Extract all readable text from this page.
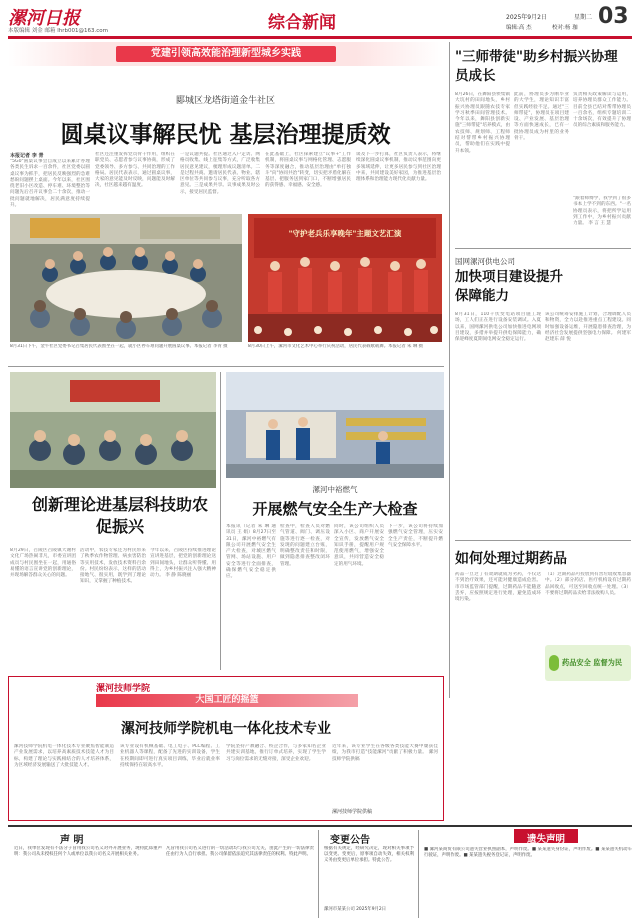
漯河日报
本版编辑 刘金 邮箱 lhrb001@163.com	综合新闻	2025年9月2日	星期二
编辑:高 杰	校对:杨 珈 03
党建引领高效能治理新型城乡实践
郾城区龙塔街道金牛社区
圆桌议事解民忧 基层治理提质效
本报记者 李 青
"5G0"圆桌议事会自成立以来累计办理各类民生诉求一百余件，社区党委以圆桌议事为抓手，把居民反映强烈的急难愁盼问题摆上桌面。今年以来，社区围绕老旧小区改造、停车难、环境整治等问题先后召开议事会二十余次，推动一批问题就地解决，居民满意度持续提升。
社区还注重发挥党员骨干作用，组织在职党员、志愿者参与议事协商，形成了党委领导、多方参与、共同治理的工作格局。居民代表表示，通过圆桌议事，大家的意见能及时反映，问题能及时解决，社区越来越有温度。
一是议题共提。社区通过入户走访、网格员收集、线上征集等方式，广泛收集居民意见建议，梳理形成议题清单。二是过程共商。邀请居民代表、物业、辖区单位等共同参与议事，充分听取各方意见。三是成果共享。议事成果及时公示，接受居民监督。
在此基础上，社区探索建立"议事+"工作机制，将圆桌议事与网格化管理、志愿服务等深度融合，推动基层治理由"单打独斗"向"协同共治"转变，切实把矛盾化解在基层、把服务送到家门口，不断增强居民的获得感、幸福感、安全感。
谈及下一步打算，社区负责人表示，将继续深化圆桌议事机制，推动议事范围向更多领域延伸，让更多居民参与到社区治理中来，共同建设美好家园，为推进基层治理体系和治理能力现代化贡献力量。
8月31日下午，金牛社区党委书记召集居民代表围坐在一起，就小区停车难问题开展圆桌议事。本报记者 李青 摄
"守护老兵乐享晚年"主题文艺汇演
8月30日上午，漯河市文化艺术中心举行庆祝活动，居民代表载歌载舞。本报记者 朱 琳 摄
"三师带徒"助乡村振兴协理员成长
8月26日，在舞阳县侯集镇大坑村的田间地头，乡村振兴协理员跟随农技专家学习秋季田间管理技术。今年以来，舞阳县创新实施"三师带徒"培养模式，由农技师、规划师、工程师结对帮带乡村振兴协理员，帮助他们在实践中提升本领。
此前，协理员多为刚毕业的大学生，理论知识丰富但实践经验不足。通过"三师带徒"，协理员在项目建设、产业发展、基层治理等方面快速成长，已有一批协理员成为村里的业务骨干。
负责相关政策解读与运用，培养协理员群众工作能力。目前全县已结对帮带协理员一百余名，组织专题培训二十余场次，有效提升了协理员的综合素质和服务能力。
"跟着师傅学，我学到了很多书本上学不到的东西。"一名协理员表示，将把所学运用到工作中，为乡村振兴贡献力量。 李 言 王 慧
国网漯河供电公司
加快项目建设提升保障能力
8月31日，110千伏变电站项目施工现场，工人们正在进行设备安装调试。入夏以来，国网漯河供电公司加快推进电网项目建设，多措并举提升供电保障能力，确保迎峰度夏期间电网安全稳定运行。
该公司统筹安排施工计划，合理调配人员和物资，全力以赴推进重点工程建设。同时加强设备运维，开展隐患排查治理，为经济社会发展提供坚强电力保障。 何建军 赵建东 薛 悦
如何处理过期药品
药品一旦过了有效期就成为劣药，不仅达不到治疗效果，还可能对健康造成危害。市市场监管部门提醒，过期药品不能随意丢弃，应按照规定进行处理，避免造成环境污染。
（1）过期药品可投放到有害垃圾收集容器中。（2）部分药店、医疗机构设有过期药品回收点，可送至回收点统一处理。（3）不要将过期药品卖给非法收购人员。
药品安全 监督为民
创新理论进基层科技助农促振兴
8月29日，召陵区召陵镇大谢村文化广场热闹非凡，市委宣讲团成员与村民围坐在一起，用通俗易懂的语言宣讲党的创新理论，并现场解答群众关心的问题。
活动中，农技专家还为村民带来了秋季农作物管理、病虫害防治等实用技术，发放技术资料百余份。村民纷纷表示，这样的活动接地气、很实用，既学到了理论知识，又掌握了种植技术。
今年以来，召陵区持续推进理论宣讲进基层，把党的创新理论送到田间地头，让群众听得懂、用得上，为乡村振兴注入强大精神动力。 李 静 陈晓丽
漯河中裕燃气
开展燃气安全生产大检查
本报讯（记者 朱 琳 通讯员 王 娟）8月27日至31日，漯河中裕燃气有限公司开展燃气安全生产大检查，对城区燃气管网、场站设施、用户安全等进行全面排查，确保燃气安全稳定供应。
检查中，检查人员对燃气管道、阀门、调压设施等进行逐一检查，对发现的问题建立台账，明确整改责任和时限，做到隐患排查整改闭环管理。
同时，该公司组织人员深入小区、商户开展安全宣传，发放燃气安全知识手册，提醒用户规范使用燃气，增强安全意识，共同营造安全稳定的用气环境。
下一步，该公司将持续加强燃气安全管理，压实安全生产责任，不断提升燃气安全保障水平。
漯河技师学院
大国工匠的摇篮
漯河技师学院机电一体化技术专业
漯河技师学院机电一体化技术专业聚焦智能制造产业发展需求，以培养高素质技术技能人才为目标，构建了理论与实践相结合的人才培养体系，为区域经济发展输送了大批技能人才。
该专业设有机械基础、电工电子、PLC编程、工业机器人等课程，配备了先进的实训设备，学生在校期间即可进行真实项目训练，毕业后就业率持续保持在较高水平。
学院坚持产教融合、校企合作，与多家知名企业共建实训基地，推行订单式培养，实现了学生学习与岗位需求的无缝对接，深受企业欢迎。
近年来，该专业学生在各级各类技能大赛中屡获佳绩，为我市打造"技能漯河"贡献了积极力量。 漯河技师学院供稿
漯河技师学院供稿
声 明
近日，我单位发现有不法分子冒用我公司名义对外开展业务，现特此郑重声明：我公司从未授权任何个人或单位以我公司名义开展相关业务。
凡冒用我公司名义进行的一切活动均与我公司无关，由此产生的一切法律责任由行为人自行承担。我公司保留依法追究其法律责任的权利。特此声明。
变更公告
根据有关规定，经研究决定，现对相关事项予以变更。变更后，原事项自动失效，相关权利义务由变更后单位承担。特此公告。
漯河市某某公司 2025年9月2日
遗失声明
■ 漯河某商贸有限公司遗失营业执照副本，声明作废。■ 某某遗失身份证，声明作废。■ 某某遗失机动车行驶证，声明作废。■ 某某遗失税务登记证，声明作废。
